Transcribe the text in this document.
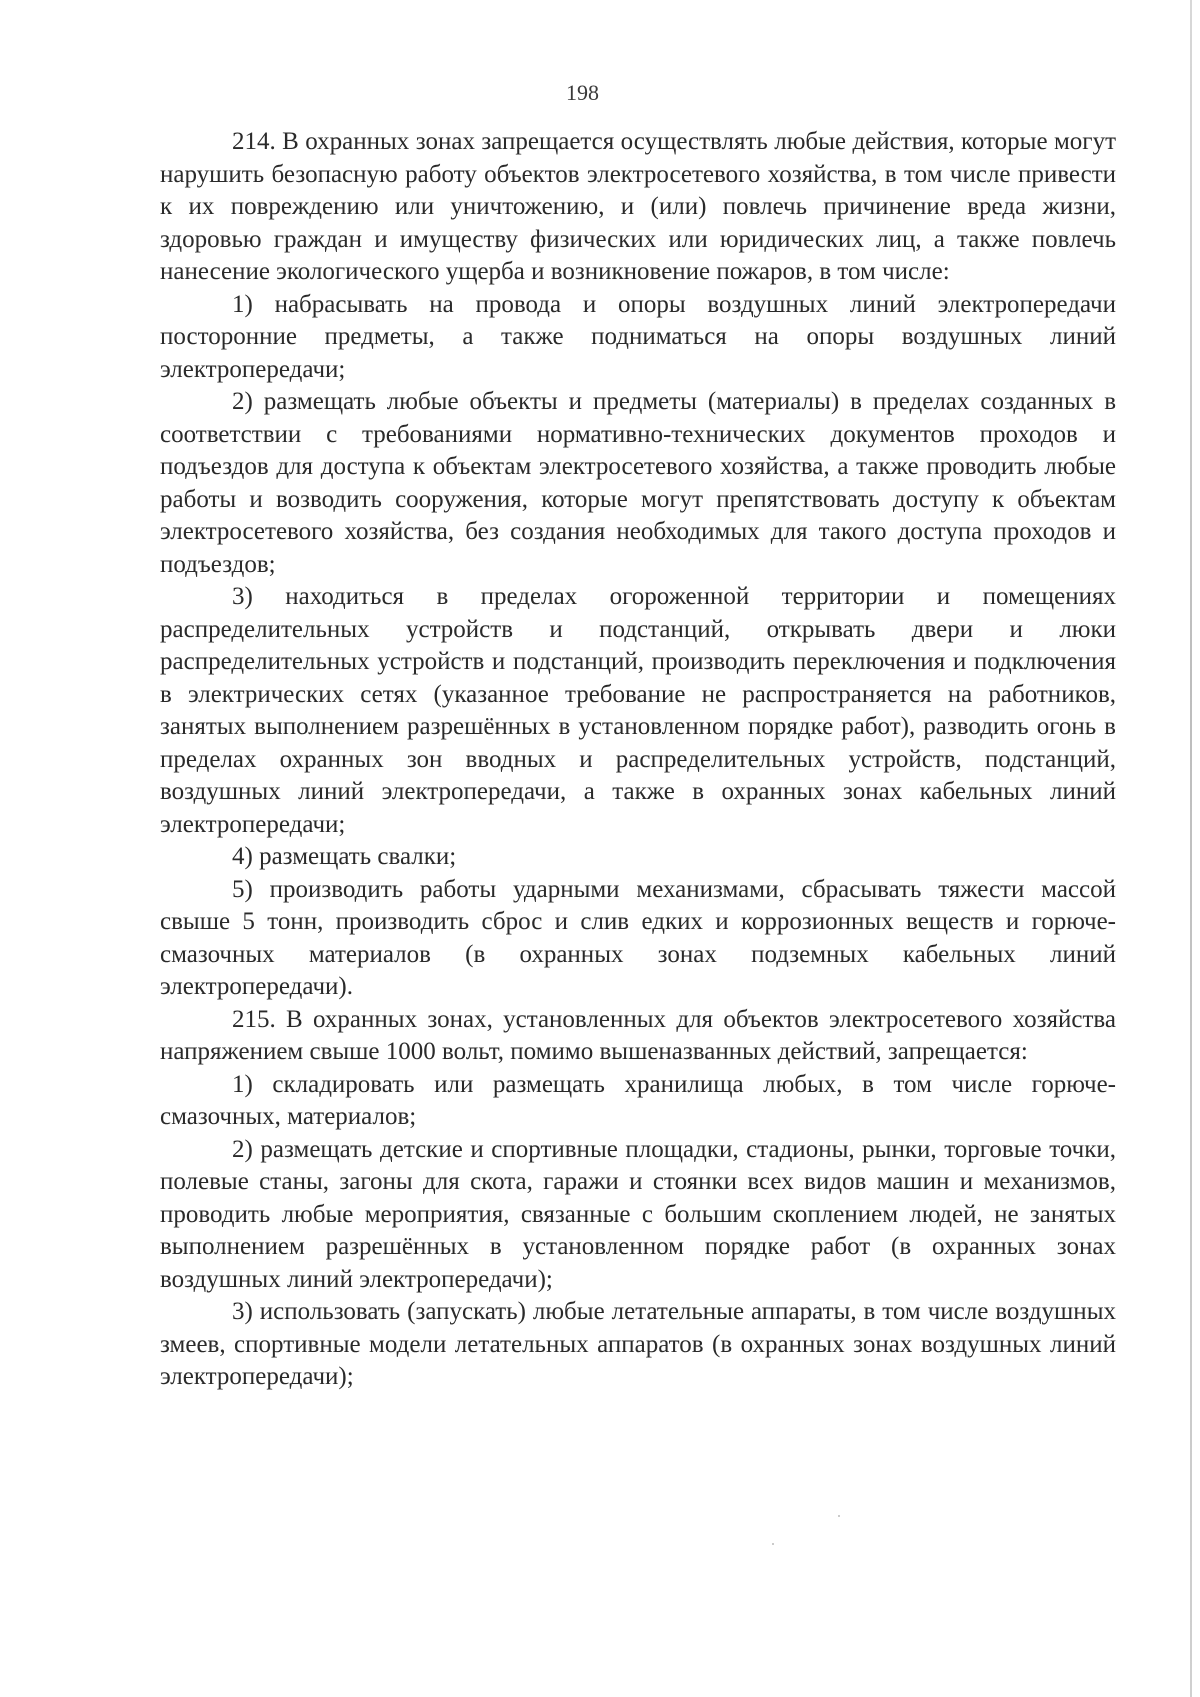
198

214. В охранных зонах запрещается осуществлять любые действия, которые могут нарушить безопасную работу объектов электросетевого хозяйства, в том числе привести к их повреждению или уничтожению, и (или) повлечь причинение вреда жизни, здоровью граждан и имуществу физических или юридических лиц, а также повлечь нанесение экологического ущерба и возникновение пожаров, в том числе:

1) набрасывать на провода и опоры воздушных линий электропередачи посторонние предметы, а также подниматься на опоры воздушных линий электропередачи;

2) размещать любые объекты и предметы (материалы) в пределах созданных в соответствии с требованиями нормативно-технических документов проходов и подъездов для доступа к объектам электросетевого хозяйства, а также проводить любые работы и возводить сооружения, которые могут препятствовать доступу к объектам электросетевого хозяйства, без создания необходимых для такого доступа проходов и подъездов;

3) находиться в пределах огороженной территории и помещениях распределительных устройств и подстанций, открывать двери и люки распределительных устройств и подстанций, производить переключения и подключения в электрических сетях (указанное требование не распространяется на работников, занятых выполнением разрешённых в установленном порядке работ), разводить огонь в пределах охранных зон вводных и распределительных устройств, подстанций, воздушных линий электропередачи, а также в охранных зонах кабельных линий электропередачи;

4) размещать свалки;

5) производить работы ударными механизмами, сбрасывать тяжести массой свыше 5 тонн, производить сброс и слив едких и коррозионных веществ и горюче-смазочных материалов (в охранных зонах подземных кабельных линий электропередачи).

215. В охранных зонах, установленных для объектов электросетевого хозяйства напряжением свыше 1000 вольт, помимо вышеназванных действий, запрещается:

1) складировать или размещать хранилища любых, в том числе горюче-смазочных, материалов;

2) размещать детские и спортивные площадки, стадионы, рынки, торговые точки, полевые станы, загоны для скота, гаражи и стоянки всех видов машин и механизмов, проводить любые мероприятия, связанные с большим скоплением людей, не занятых выполнением разрешённых в установленном порядке работ (в охранных зонах воздушных линий электропередачи);

3) использовать (запускать) любые летательные аппараты, в том числе воздушных змеев, спортивные модели летательных аппаратов (в охранных зонах воздушных линий электропередачи);
